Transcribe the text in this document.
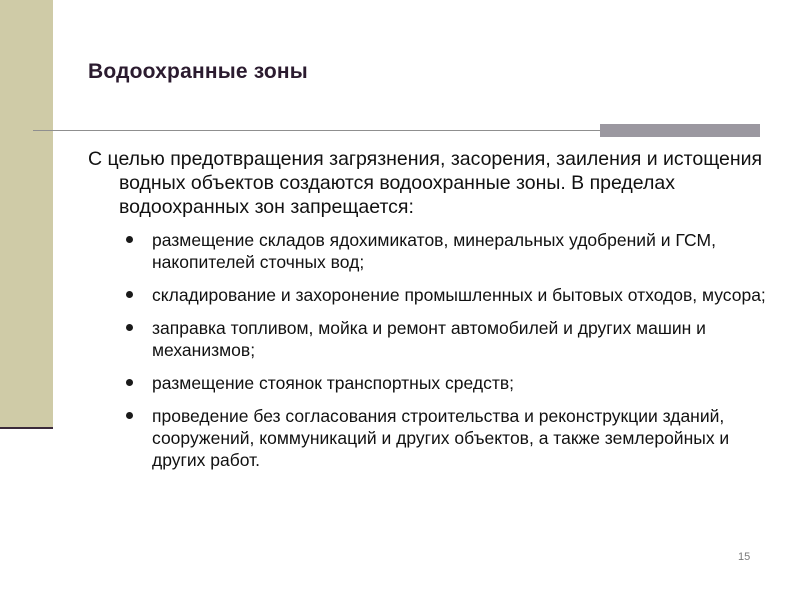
Водоохранные зоны

С целью предотвращения загрязнения, засорения, заиления и истощения водных объектов создаются водоохранные зоны. В пределах водоохранных зон запрещается:

размещение складов ядохимикатов, минеральных удобрений и ГСМ, накопителей сточных вод;
складирование и захоронение промышленных и бытовых отходов, мусора;
заправка топливом, мойка и ремонт автомобилей и других машин и механизмов;
размещение стоянок транспортных средств;
проведение без согласования строительства и реконструкции зданий, сооружений, коммуникаций и других объектов, а также землеройных и других работ.
15
